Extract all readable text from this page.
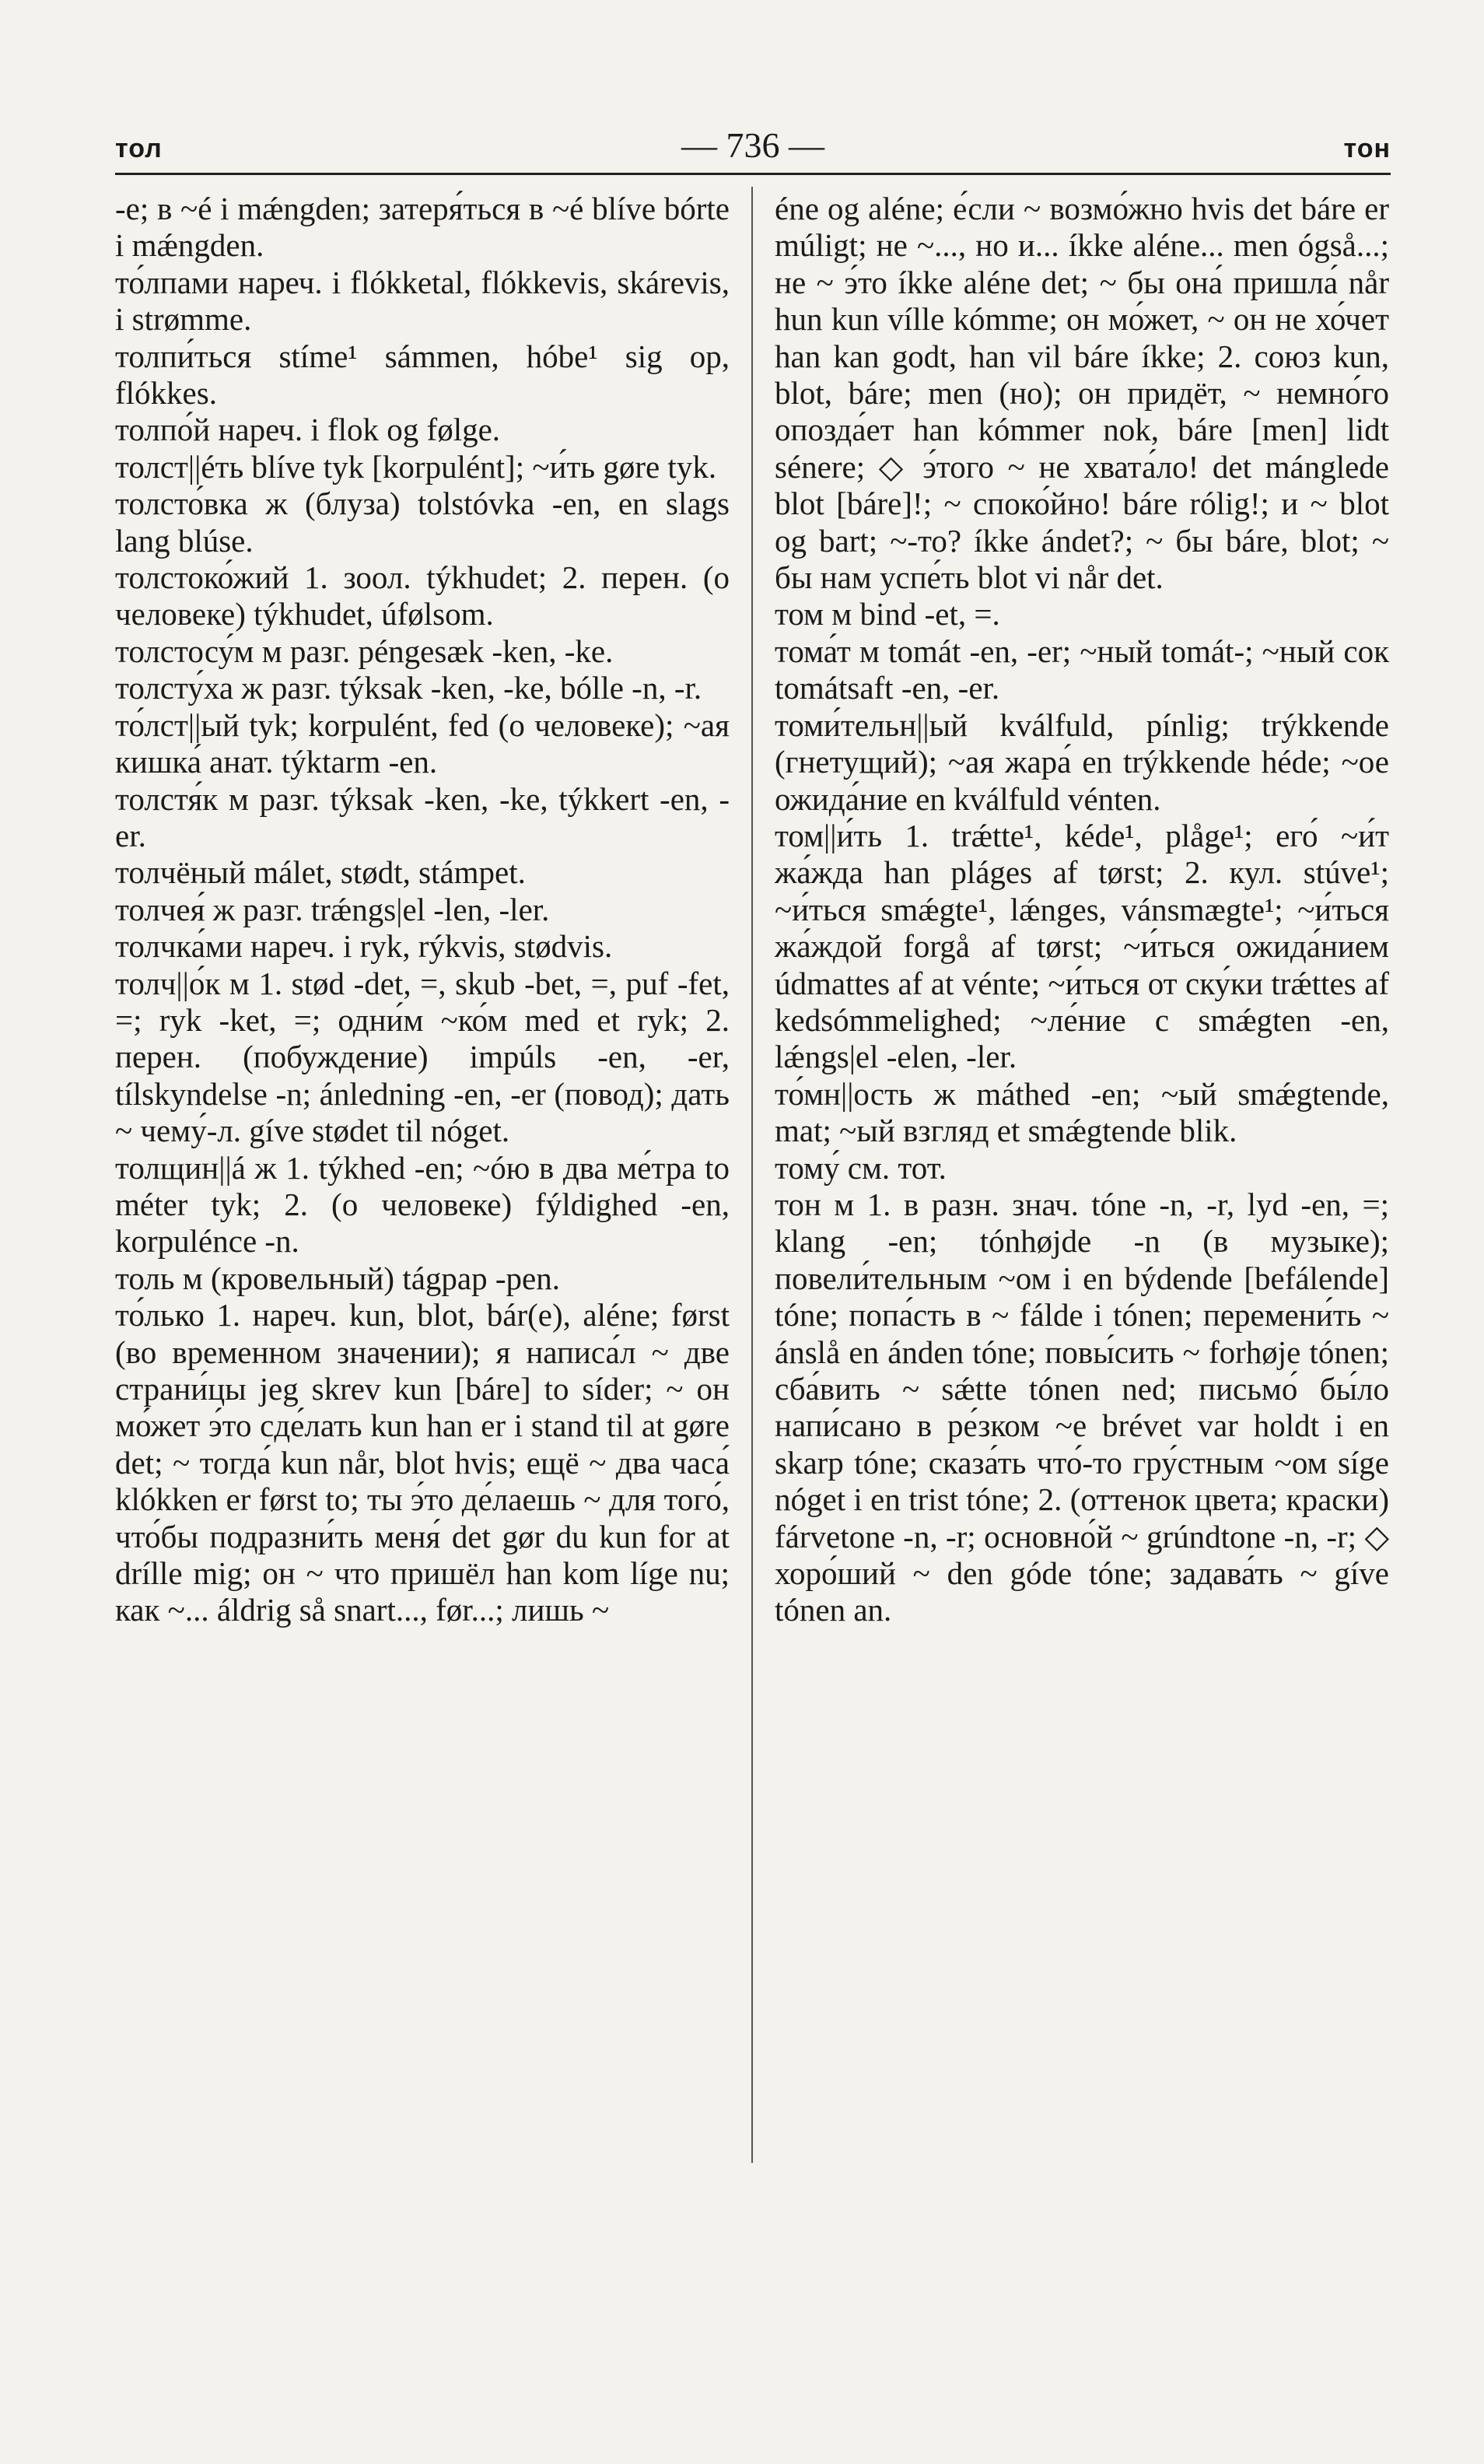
тол	— 736 —	тон

-е; в ~é i mǽngden; затеря́ться в ~é blíve bórte i mǽngden.

то́лпами нареч. i flókketal, flókkevis, skárevis, i strømme.

толпи́ться stíme¹ sámmen, hóbe¹ sig op, flókkes.

толпо́й нареч. i flok og følge.

толст||éть blíve tyk [korpulént]; ~и́ть gøre tyk.

толсто́вка ж (блуза) tolstóvka -en, en slags lang blúse.

толстоко́жий 1. зоол. týkhudet; 2. перен. (о человеке) týkhudet, úfølsom.

толстосу́м м разг. péngesæk -ken, -ke.

толсту́ха ж разг. týksak -ken, -ke, bólle -n, -r.

то́лст||ый tyk; korpulént, fed (о человеке); ~ая кишка́ анат. týktarm -en.

толстя́к м разг. týksak -ken, -ke, týkkert -en, -er.

толчёный málet, stødt, stámpet.

толчея́ ж разг. trǽngs|el -len, -ler.

толчка́ми нареч. i ryk, rýkvis, stødvis.

толч||о́к м 1. stød -det, =, skub -bet, =, puf -fet, =; ryk -ket, =; одни́м ~ко́м med et ryk; 2. перен. (побуждение) impúls -en, -er, tílskyndelse -n; ánledning -en, -er (повод); дать ~ чему́-л. gíve stødet til nóget.

толщин||á ж 1. týkhed -en; ~óю в два ме́тра to méter tyk; 2. (о человеке) fýldighed -en, korpuléncе -n.

толь м (кровельный) tágpap -pen.

то́лько 1. нареч. kun, blot, bár(e), aléne; først (во временном значении); я написа́л ~ две страни́цы jeg skrev kun [báre] to síder; ~ он мо́жет э́то сде́лать kun han er i stand til at gøre det; ~ тогда́ kun når, blot hvis; ещё ~ два часа́ klókken er først to; ты э́то де́лаешь ~ для того́, что́бы подразни́ть меня́ det gør du kun for at drílle mig; он ~ что пришёл han kom líge nu; как ~... áldrig så snart..., før...; лишь ~

éne og aléne; е́сли ~ возмо́жно hvis det báre er múligt; не ~..., но и... íkke aléne... men ógså...; не ~ э́то íkke aléne det; ~ бы она́ пришла́ når hun kun vílle kómme; он мо́жет, ~ он не хо́чет han kan godt, han vil báre íkke; 2. союз kun, blot, báre; men (но); он придёт, ~ немно́го опозда́ет han kómmer nok, báre [men] lidt sénere; ◇ э́того ~ не хвата́ло! det mánglede blot [báre]!; ~ споко́йно! báre rólig!; и ~ blot og bart; ~-то? íkke ándet?; ~ бы báre, blot; ~ бы нам успе́ть blot vi når det.

том м bind -et, =.

тома́т м tomát -en, -er; ~ный tomát-; ~ный сок tomátsaft -en, -er.

томи́тельн||ый kválfuld, pínlig; trýkkende (гнетущий); ~ая жара́ en trýkkende héde; ~ое ожида́ние en kválfuld vénten.

том||и́ть 1. trǽtte¹, kéde¹, plåge¹; его́ ~и́т жа́жда han pláges af tørst; 2. кул. stúve¹; ~и́ться smǽgte¹, lǽnges, vánsmægte¹; ~и́ться жа́ждой forgå af tørst; ~и́ться ожида́нием údmattes af at vénte; ~и́ться от ску́ки trǽttes af kedsómmelighed; ~ле́ние с smǽgten -en, lǽngs|el -elen, -ler.

то́мн||ость ж máthed -en; ~ый smǽgtende, mat; ~ый взгляд et smǽgtende blik.

тому́ см. тот.

тон м 1. в разн. знач. tóne -n, -r, lyd -en, =; klang -en; tónhøjde -n (в музыке); повели́тельным ~ом i en býdende [befálende] tóne; попа́сть в ~ fálde i tónen; перемени́ть ~ ánslå en ánden tóne; повы́сить ~ forhøje tónen; сба́вить ~ sǽtte tónen ned; письмо́ бы́ло напи́сано в ре́зком ~е brévet var holdt i en skarp tóne; сказа́ть что́-то гру́стным ~ом síge nóget i en trist tóne; 2. (оттенок цвета; краски) fárvetone -n, -r; основно́й ~ grúndtone -n, -r; ◇ хоро́ший ~ den góde tóne; задава́ть ~ gíve tónen an.
